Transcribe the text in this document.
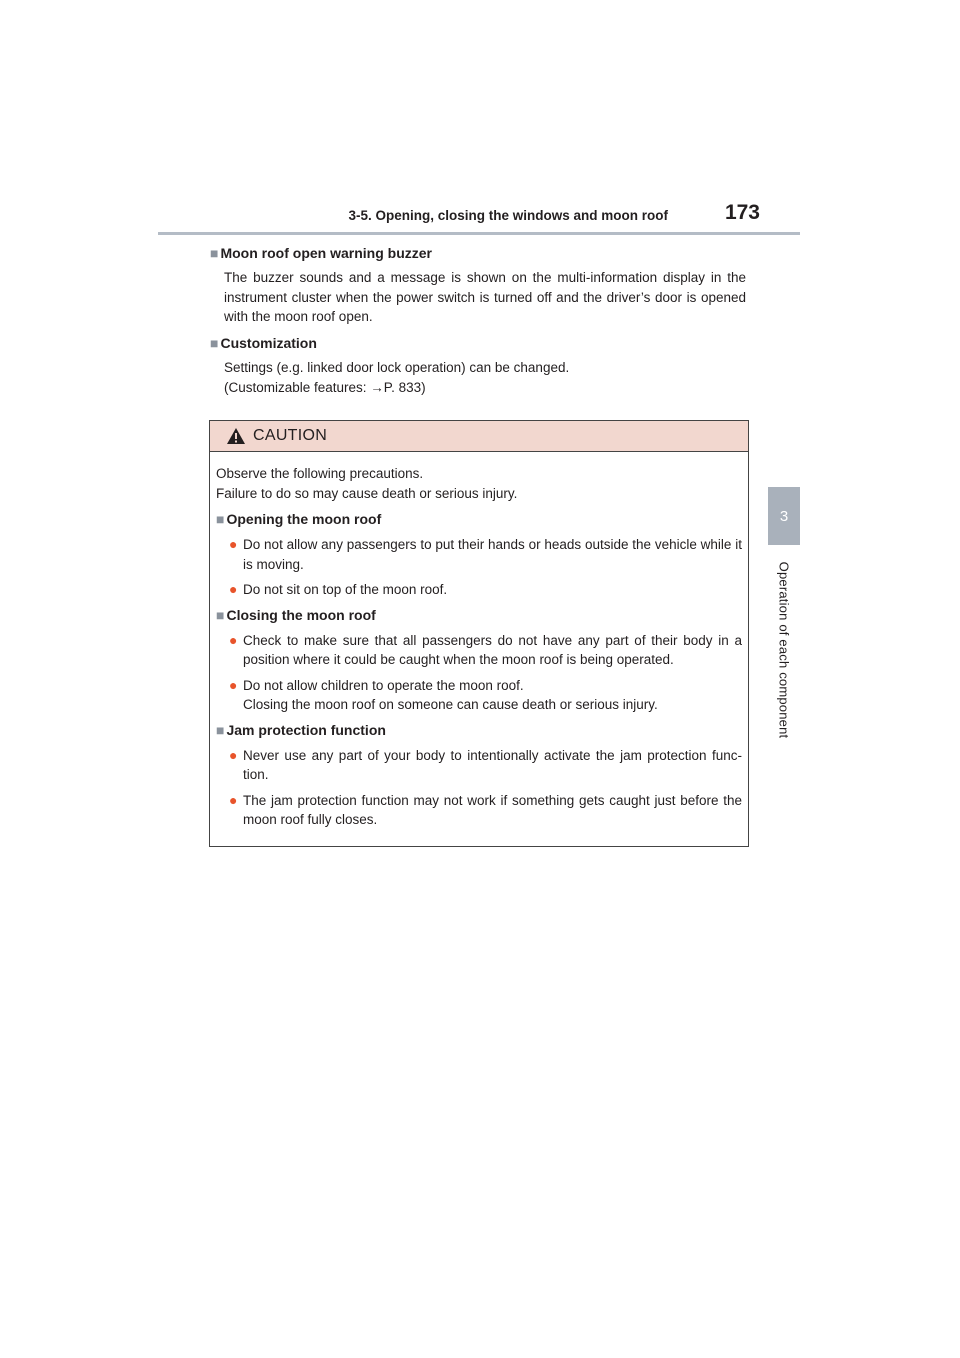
3-5. Opening, closing the windows and moon roof	173
3
Operation of each component
■ Moon roof open warning buzzer
The buzzer sounds and a message is shown on the multi-information display in the instrument cluster when the power switch is turned off and the driver’s door is opened with the moon roof open.
■ Customization
Settings (e.g. linked door lock operation) can be changed.
(Customizable features: →P. 833)
CAUTION
Observe the following precautions.
Failure to do so may cause death or serious injury.
■ Opening the moon roof
● Do not allow any passengers to put their hands or heads outside the vehicle while it is moving.
● Do not sit on top of the moon roof.
■ Closing the moon roof
● Check to make sure that all passengers do not have any part of their body in a position where it could be caught when the moon roof is being operated.
● Do not allow children to operate the moon roof.
Closing the moon roof on someone can cause death or serious injury.
■ Jam protection function
● Never use any part of your body to intentionally activate the jam protection func-tion.
● The jam protection function may not work if something gets caught just before the moon roof fully closes.
